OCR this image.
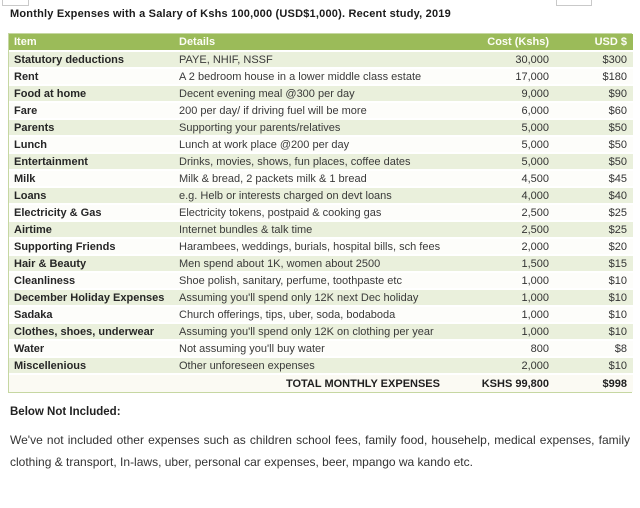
Monthly Expenses with a Salary of Kshs 100,000 (USD$1,000). Recent study, 2019
Item	Details	Cost (Kshs)	USD $
Statutory deductions	PAYE, NHIF, NSSF	30,000	$300
Rent	A 2 bedroom house in a lower middle class estate	17,000	$180
Food at home	Decent evening meal @300 per day	9,000	$90
Fare	200 per day/ if driving fuel will be more	6,000	$60
Parents	Supporting your parents/relatives	5,000	$50
Lunch	Lunch at work place @200 per day	5,000	$50
Entertainment	Drinks, movies, shows, fun places, coffee dates	5,000	$50
Milk	Milk & bread, 2 packets milk & 1 bread	4,500	$45
Loans	e.g. Helb or interests charged on devt loans	4,000	$40
Electricity & Gas	Electricity tokens, postpaid & cooking gas	2,500	$25
Airtime	Internet bundles & talk time	2,500	$25
Supporting Friends	Harambees, weddings, burials, hospital bills, sch fees	2,000	$20
Hair & Beauty	Men spend about 1K, women about 2500	1,500	$15
Cleanliness	Shoe polish, sanitary, perfume, toothpaste etc	1,000	$10
December Holiday Expenses	Assuming you'll spend only 12K next Dec holiday	1,000	$10
Sadaka	Church offerings, tips, uber, soda, bodaboda	1,000	$10
Clothes, shoes, underwear	Assuming you'll spend only 12K on clothing per year	1,000	$10
Water	Not assuming you'll buy water	800	$8
Miscellenious	Other unforeseen expenses	2,000	$10
TOTAL MONTHLY EXPENSES		KSHS 99,800	$998
Below Not Included:
We've not included other expenses such as children school fees, family food, househelp, medical expenses, family clothing & transport, In-laws, uber, personal car expenses, beer, mpango wa kando etc.
